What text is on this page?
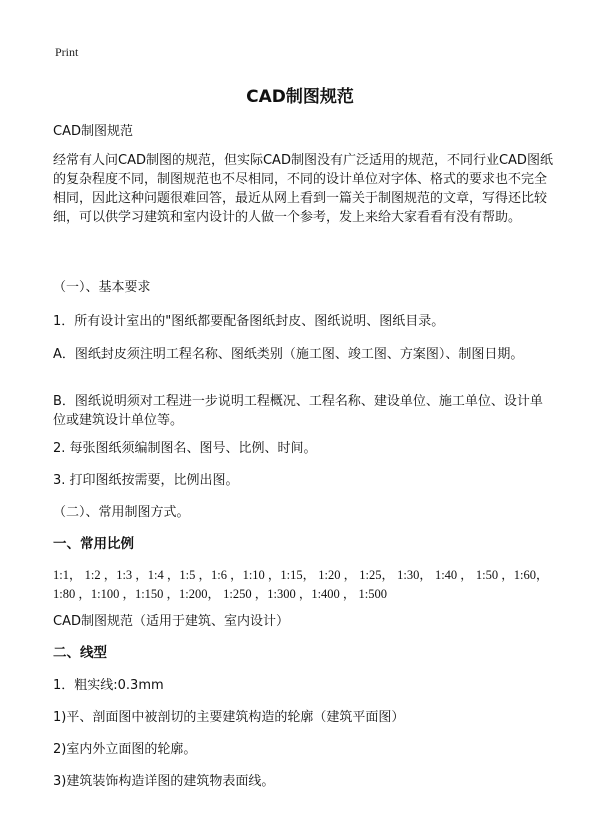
Print
CAD制图规范

CAD制图规范

经常有人问CAD制图的规范，但实际CAD制图没有广泛适用的规范，不同行业CAD图纸的复杂程度不同，制图规范也不尽相同，不同的设计单位对字体、格式的要求也不完全相同，因此这种问题很难回答，最近从网上看到一篇关于制图规范的文章，写得还比较细，可以供学习建筑和室内设计的人做一个参考，发上来给大家看看有没有帮助。

（一）、基本要求

1．所有设计室出的"图纸都要配备图纸封皮、图纸说明、图纸目录。

A．图纸封皮须注明工程名称、图纸类别（施工图、竣工图、方案图）、制图日期。

B．图纸说明须对工程进一步说明工程概况、工程名称、建设单位、施工单位、设计单位或建筑设计单位等。

2. 每张图纸须编制图名、图号、比例、时间。

3. 打印图纸按需要，比例出图。

（二）、常用制图方式。

一、常用比例

1:1， 1:2 ，1:3 ，1:4 ，1:5 ，1:6 ，1:10 ，1:15， 1:20 ， 1:25， 1:30， 1:40 ， 1:50 ，1:60， 1:80 ，1:100 ，1:150 ，1:200， 1:250 ，1:300 ，1:400 ， 1:500

CAD制图规范（适用于建筑、室内设计）

二、线型

1．粗实线:0.3mm

1)平、剖面图中被剖切的主要建筑构造的轮廓（建筑平面图）

2)室内外立面图的轮廓。

3)建筑装饰构造详图的建筑物表面线。
